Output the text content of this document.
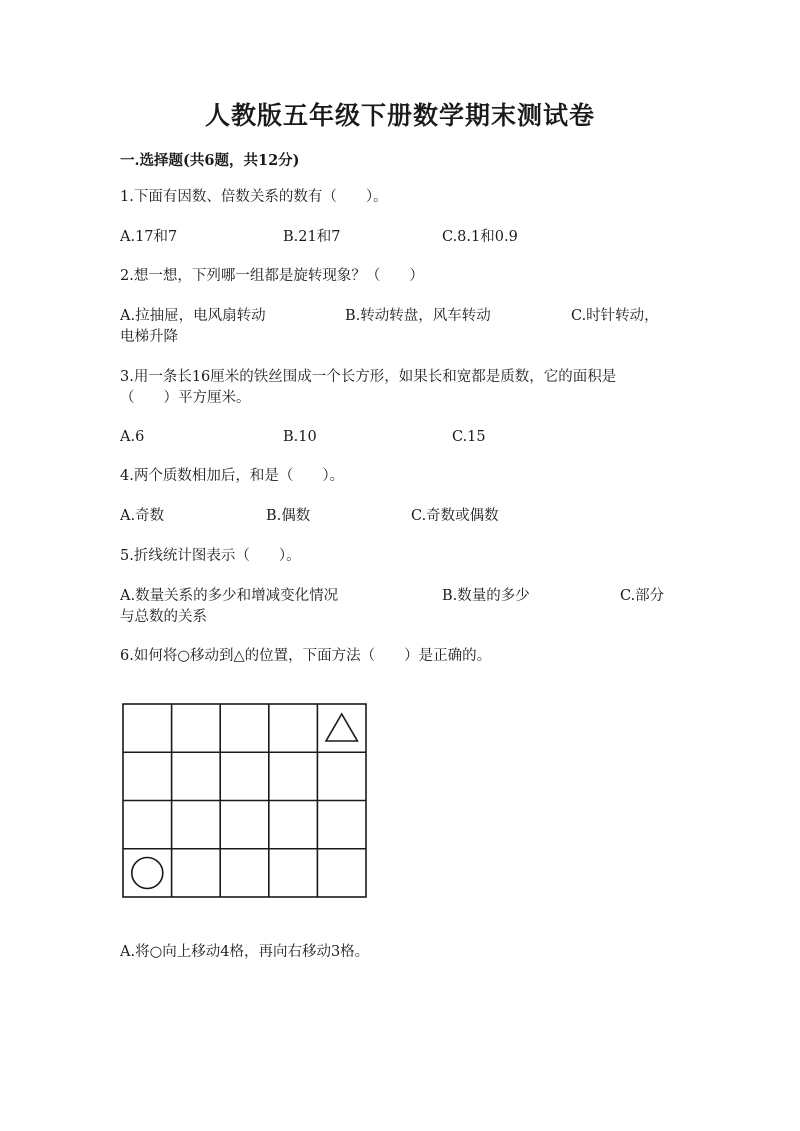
人教版五年级下册数学期末测试卷
一.选择题(共6题，共12分)
1.下面有因数、倍数关系的数有（　　）。
A.17和7	B.21和7	C.8.1和0.9
2.想一想，下列哪一组都是旋转现象？（　　）
A.拉抽屉，电风扇转动	B.转动转盘，风车转动	C.时针转动，
电梯升降
3.用一条长16厘米的铁丝围成一个长方形，如果长和宽都是质数，它的面积是
（　　）平方厘米。
A.6	B.10	C.15
4.两个质数相加后，和是（　　）。
A.奇数	B.偶数	C.奇数或偶数
5.折线统计图表示（　　）。
A.数量关系的多少和增减变化情况	B.数量的多少	C.部分
与总数的关系
6.如何将○移动到△的位置，下面方法（　　）是正确的。
A.将○向上移动4格，再向右移动3格。
